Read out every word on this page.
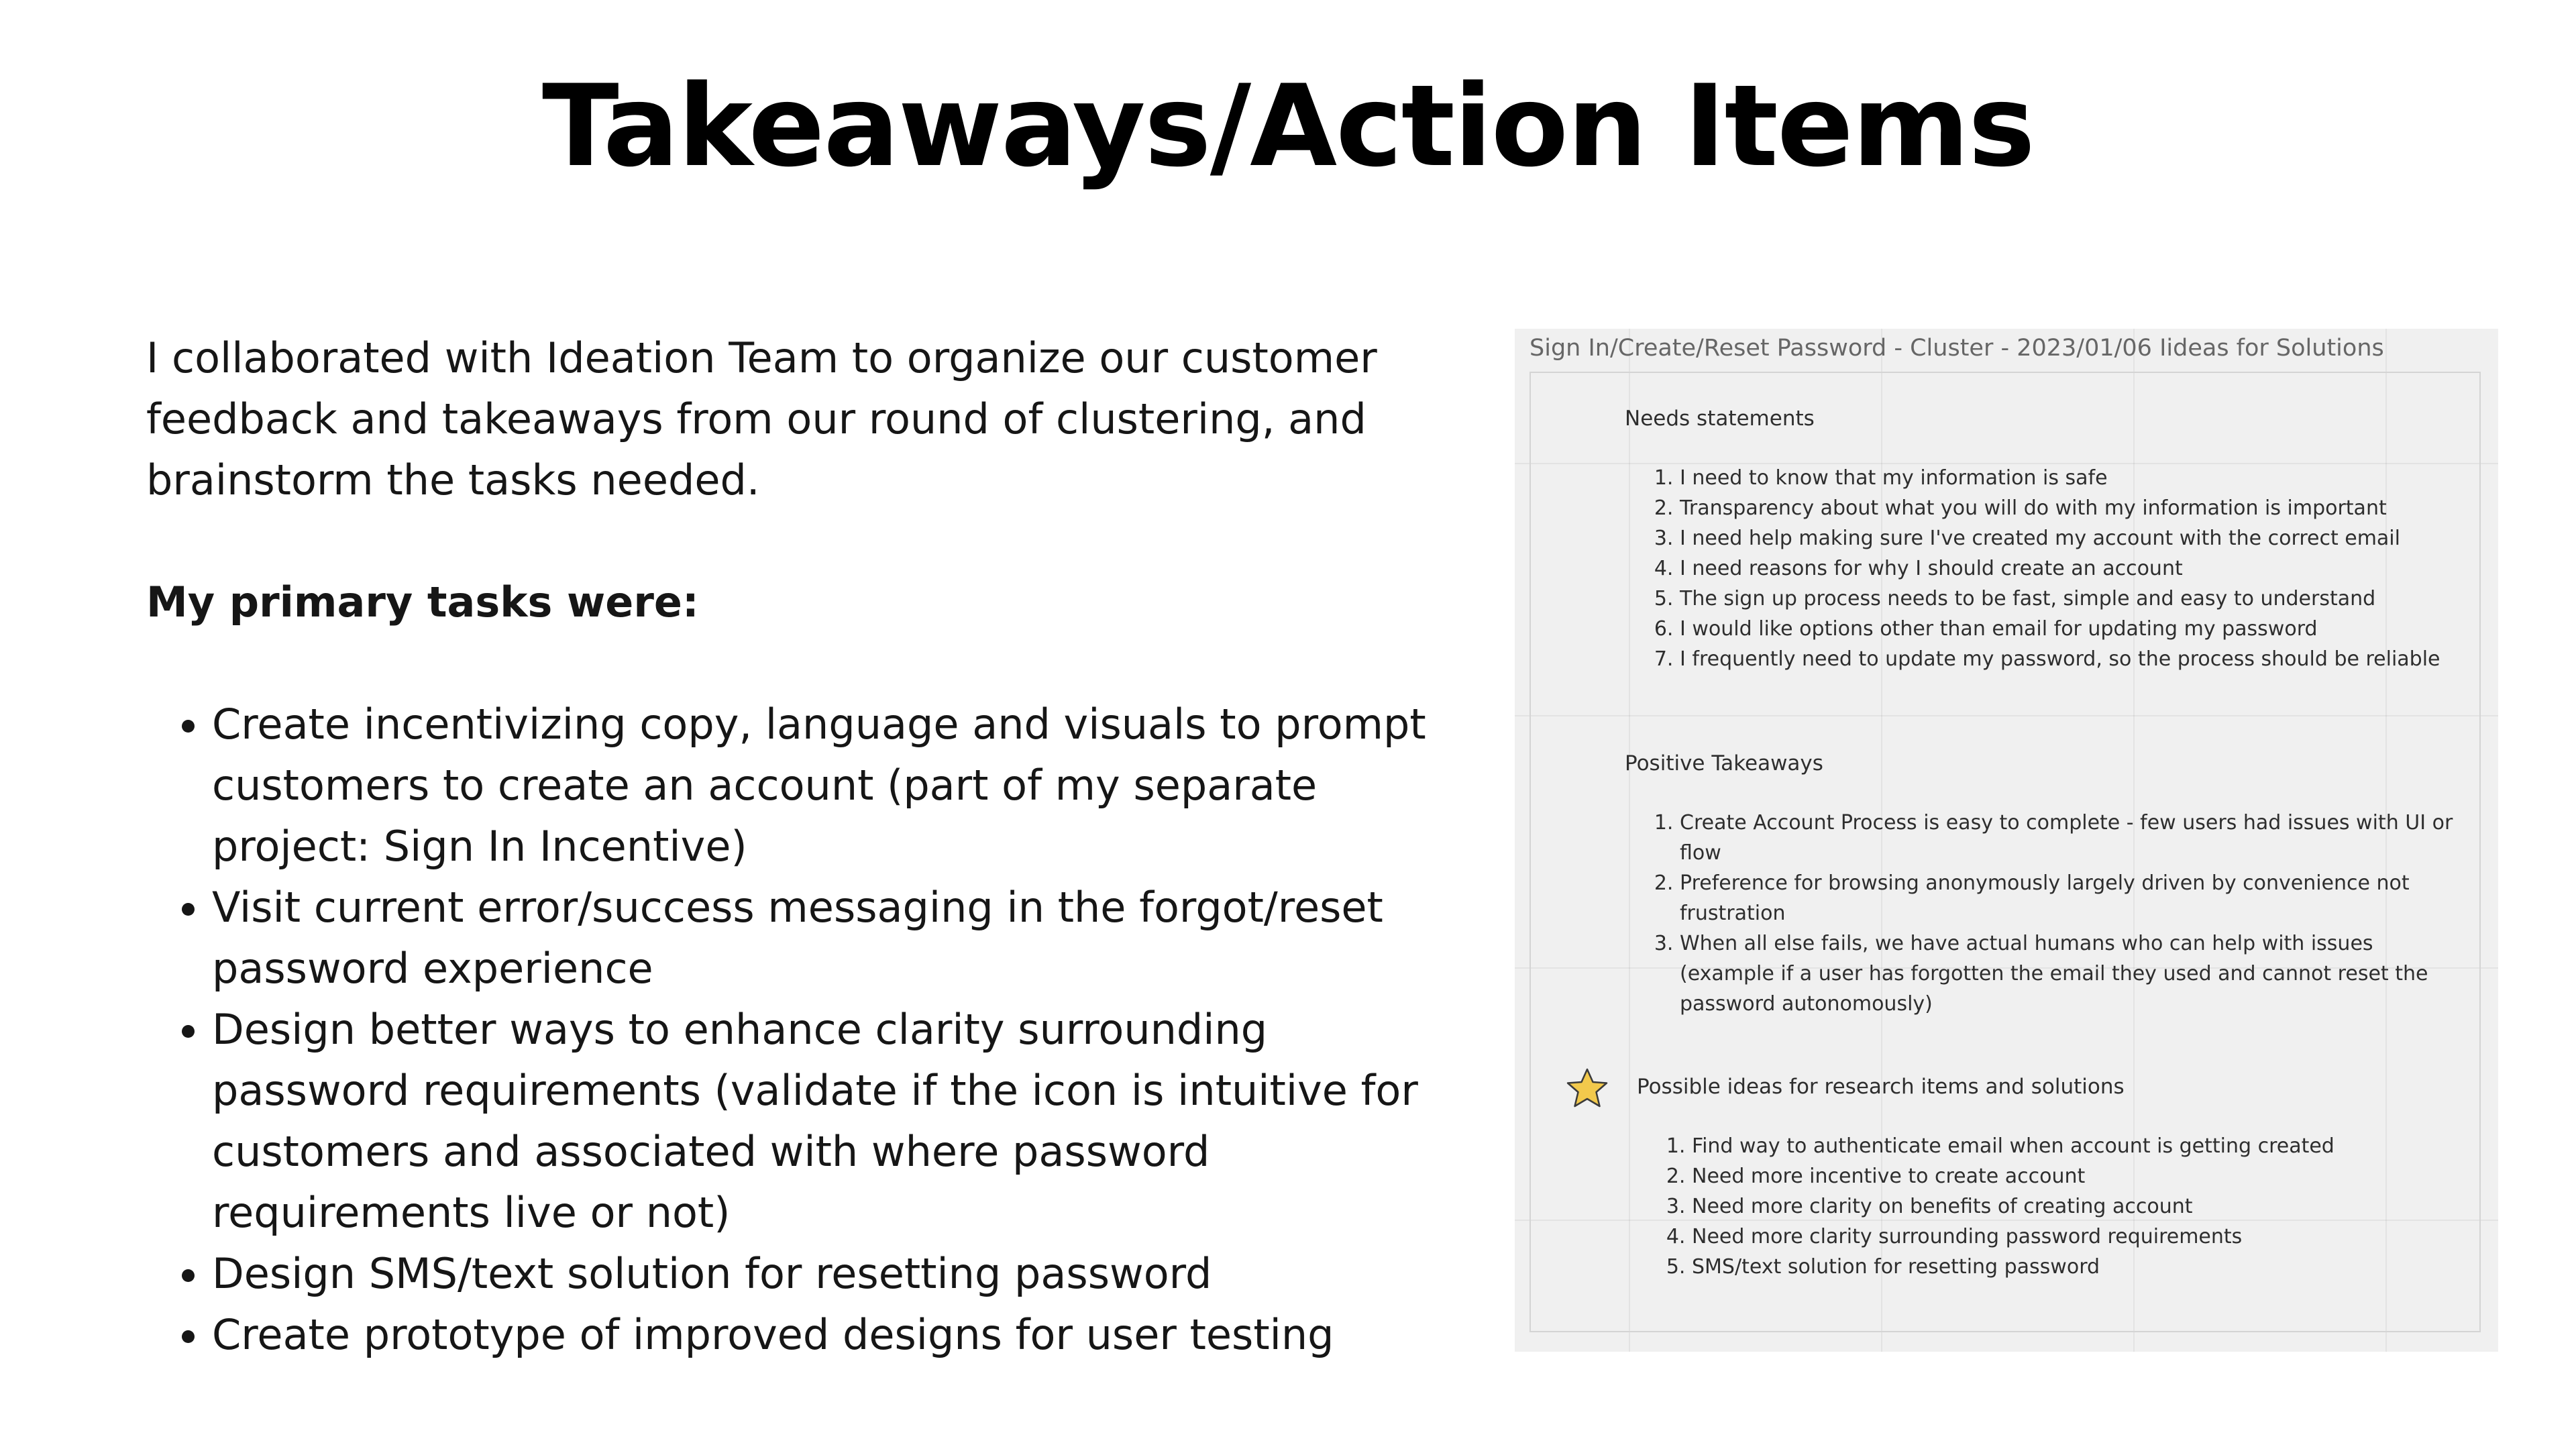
Takeaways/Action Items

I collaborated with Ideation Team to organize our customer feedback and takeaways from our round of clustering, and brainstorm the tasks needed.

My primary tasks were:

• Create incentivizing copy, language and visuals to prompt customers to create an account (part of my separate project: Sign In Incentive)
• Visit current error/success messaging in the forgot/reset password experience
• Design better ways to enhance clarity surrounding password requirements (validate if the icon is intuitive for customers and associated with where password requirements live or not)
• Design SMS/text solution for resetting password
• Create prototype of improved designs for user testing
Sign In/Create/Reset Password - Cluster - 2023/01/06 Iideas for Solutions
Needs statements
1. I need to know that my information is safe
2. Transparency about what you will do with my information is important
3. I need help making sure I've created my account with the correct email
4. I need reasons for why I should create an account
5. The sign up process needs to be fast, simple and easy to understand
6. I would like options other than email for updating my password
7. I frequently need to update my password, so the process should be reliable
Positive Takeaways
1. Create Account Process is easy to complete - few users had issues with UI or flow
2. Preference for browsing anonymously largely driven by convenience not frustration
3. When all else fails, we have actual humans who can help with issues (example if a user has forgotten the email they used and cannot reset the password autonomously)
Possible ideas for research items and solutions
1. Find way to authenticate email when account is getting created
2. Need more incentive to create account
3. Need more clarity on benefits of creating account
4. Need more clarity surrounding password requirements
5. SMS/text solution for resetting password
